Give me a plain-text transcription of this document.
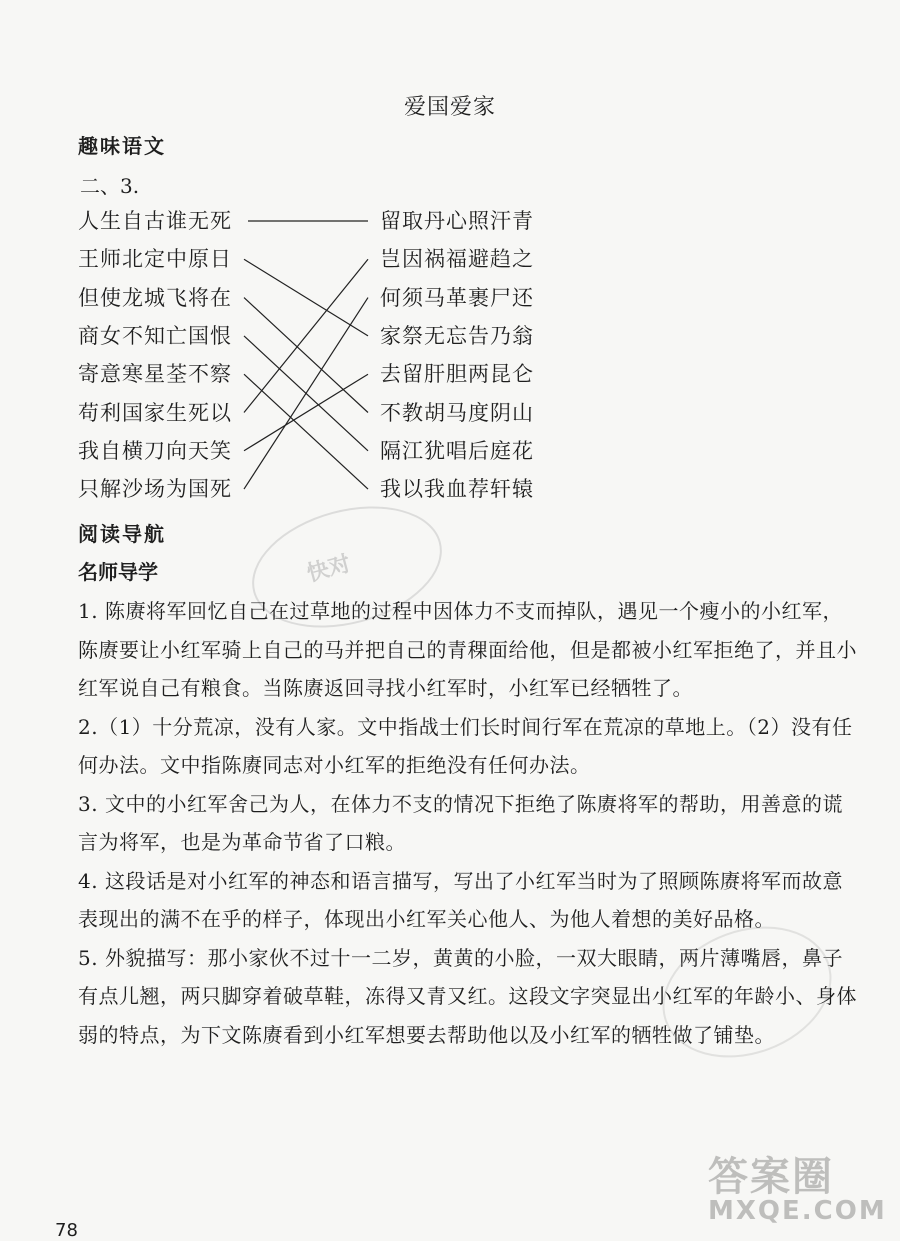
爱国爱家
趣味语文
二、3.
人生自古谁无死
王师北定中原日
但使龙城飞将在
商女不知亡国恨
寄意寒星荃不察
苟利国家生死以
我自横刀向天笑
只解沙场为国死
留取丹心照汗青
岂因祸福避趋之
何须马革裹尸还
家祭无忘告乃翁
去留肝胆两昆仑
不教胡马度阴山
隔江犹唱后庭花
我以我血荐轩辕
快对
阅读导航
名师导学

1. 陈赓将军回忆自己在过草地的过程中因体力不支而掉队，遇见一个瘦小的小红军，陈赓要让小红军骑上自己的马并把自己的青稞面给他，但是都被小红军拒绝了，并且小红军说自己有粮食。当陈赓返回寻找小红军时，小红军已经牺牲了。

2.（1）十分荒凉，没有人家。文中指战士们长时间行军在荒凉的草地上。（2）没有任何办法。文中指陈赓同志对小红军的拒绝没有任何办法。

3. 文中的小红军舍己为人，在体力不支的情况下拒绝了陈赓将军的帮助，用善意的谎言为将军，也是为革命节省了口粮。

4. 这段话是对小红军的神态和语言描写，写出了小红军当时为了照顾陈赓将军而故意表现出的满不在乎的样子，体现出小红军关心他人、为他人着想的美好品格。

5. 外貌描写：那小家伙不过十一二岁，黄黄的小脸，一双大眼睛，两片薄嘴唇，鼻子有点儿翘，两只脚穿着破草鞋，冻得又青又红。这段文字突显出小红军的年龄小、身体弱的特点，为下文陈赓看到小红军想要去帮助他以及小红军的牺牲做了铺垫。

78
答案圈
MXQE.COM
